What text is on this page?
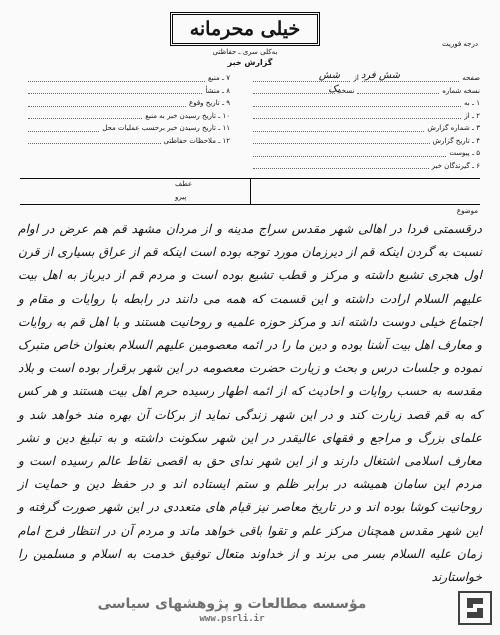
خیلی محرمانه
به‌کلی‌ سری‌ ـ حفاظتی
درجه فوریت
گزارش خبر
صفحه
از
نسخه شماره
نسخه
۱ ـ به
۲ ـ از
۳ ـ شماره گزارش
۴ ـ تاریخ گزارش
۵ ـ پیوست
۶ ـ گیرندگان خبر
شش شش فرد
یک
۷ ـ منبع
۸ ـ منشأ
۹ ـ تاریخ وقوع
۱۰ ـ تاریخ رسیدن خبر به منبع
۱۱ ـ تاریخ رسیدن خبر برحسب عملیات محل
۱۲ ـ ملاحظات حفاظتی
عطف
پیرو
موضوع
درقسمتی فردا در اهالی شهر مقدس سراج مدینه و از مردان مشهد قم هم عرض در اوام نسبت به گردن اینکه قم از دیرزمان مورد توجه بوده است اینکه قم از عراق بسیاری از قرن اول هجری تشیع داشته و مرکز و قطب تشیع بوده است و مردم قم از دیرباز به اهل بیت علیهم السلام ارادت داشته و این قسمت که همه می دانند در رابطه با روایات و مقام و اجتماع خیلی دوست داشته اند و مرکز حوزه علمیه و روحانیت هستند و با اهل قم به روایات و معارف اهل بیت آشنا بوده و دین ما را در ائمه معصومین علیهم السلام بعنوان خاص متبرک نموده و جلسات درس و بحث و زیارت حضرت معصومه در این شهر برقرار بوده است و بلاد مقدسه به حسب روایات و احادیث که از ائمه اطهار رسیده حرم اهل بیت هستند و هر کس که به قم قصد زیارت کند و در این شهر زندگی نماید از برکات آن بهره مند خواهد شد و علمای بزرگ و مراجع و فقهای عالیقدر در این شهر سکونت داشته و به تبلیغ دین و نشر معارف اسلامی اشتغال دارند و از این شهر ندای حق به اقصی نقاط عالم رسیده است و مردم این سامان همیشه در برابر ظلم و ستم ایستاده اند و در حفظ دین و حمایت از روحانیت کوشا بوده اند و در تاریخ معاصر نیز قیام های متعددی در این شهر صورت گرفته و این شهر مقدس همچنان مرکز علم و تقوا باقی خواهد ماند و مردم آن در انتظار فرج امام زمان علیه السلام بسر می برند و از خداوند متعال توفیق خدمت به اسلام و مسلمین را خواستارند
مؤسسه مطالعات و پژوهشهای سیاسی
www.psrli.ir
